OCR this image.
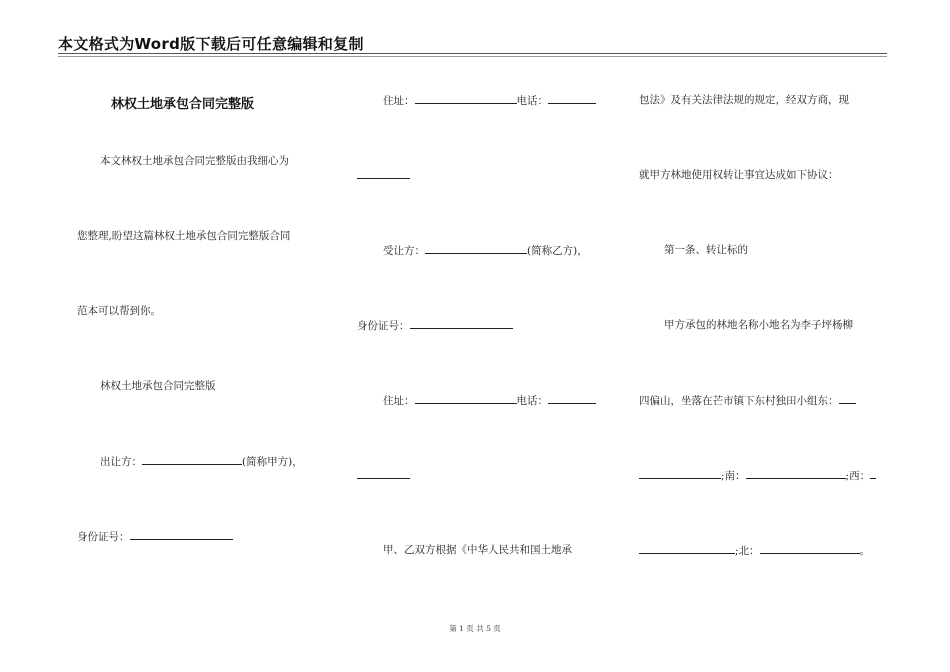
本文格式为Word版下载后可任意编辑和复制
林权土地承包合同完整版
本文林权土地承包合同完整版由我细心为
您整理,盼望这篇林权土地承包合同完整版合同
范本可以帮到你。
林权土地承包合同完整版
出让方：	(简称甲方)，
身份证号：
住址：	电话：
受让方：	(简称乙方)，
身份证号：
住址：	电话：
甲、乙双方根据《中华人民共和国土地承
包法》及有关法律法规的规定，经双方商，现
就甲方林地使用权转让事宜达成如下协议：
第一条、转让标的
甲方承包的林地名称小地名为李子坪杨柳
四偏山，坐落在芒市镇下东村独田小组东：
;南：	;西：
;北：	。
第 1 页 共 5 页
